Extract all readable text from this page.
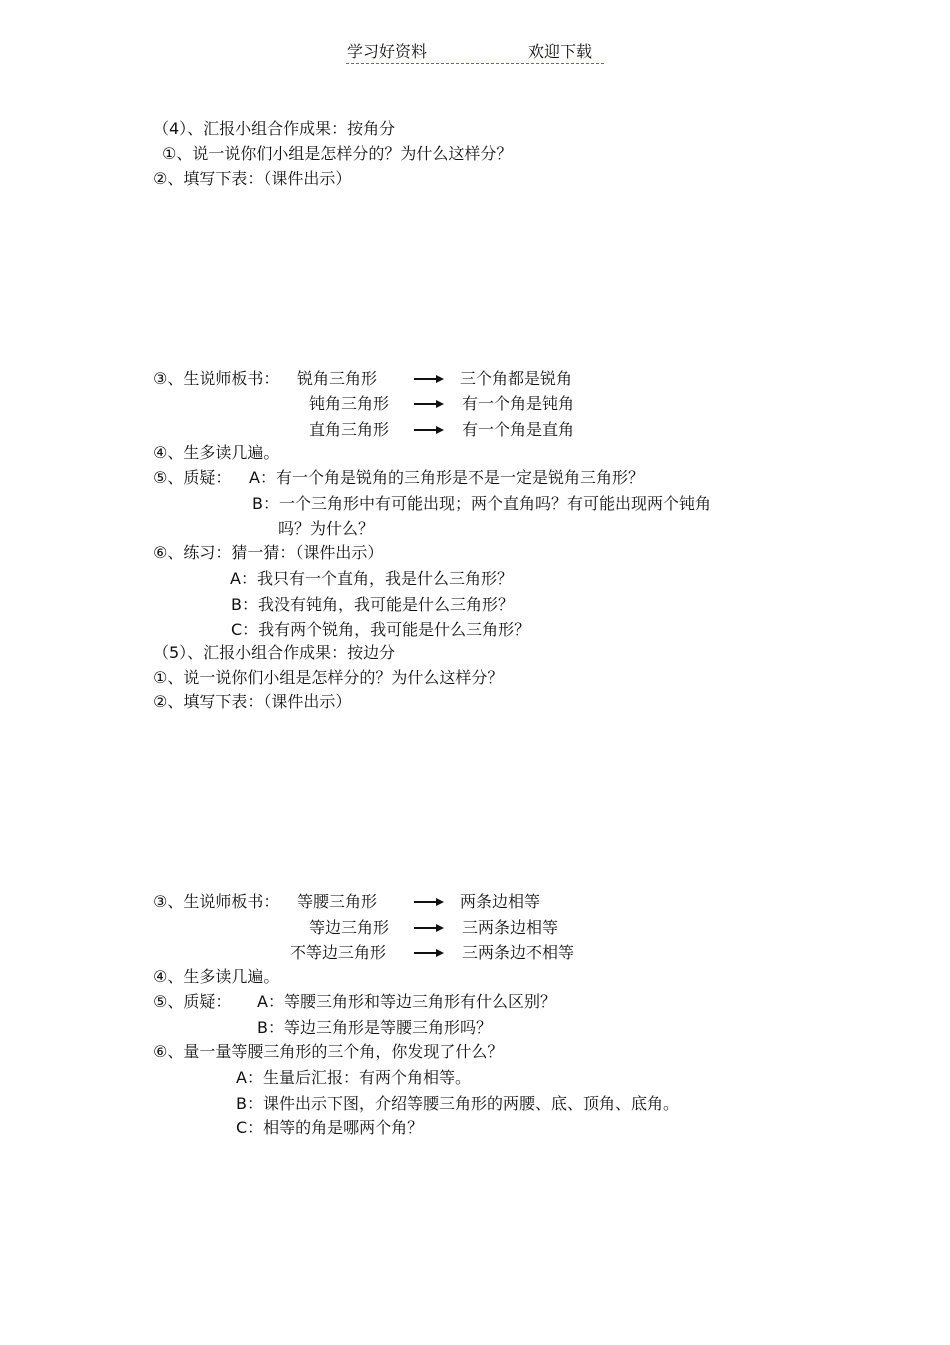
学习好资料	欢迎下载
（4）、汇报小组合作成果：按角分
①、说一说你们小组是怎样分的？为什么这样分？
②、填写下表：（课件出示）
③、生说师板书： 锐角三角形	三个角都是锐角
钝角三角形	有一个角是钝角
直角三角形	有一个角是直角
④、生多读几遍。
⑤、质疑： A：有一个角是锐角的三角形是不是一定是锐角三角形？
B：一个三角形中有可能出现；两个直角吗？有可能出现两个钝角
吗？为什么？
⑥、练习：猜一猜：（课件出示）
A：我只有一个直角，我是什么三角形？
B：我没有钝角，我可能是什么三角形？
C：我有两个锐角，我可能是什么三角形？
（5）、汇报小组合作成果：按边分
①、说一说你们小组是怎样分的？为什么这样分？
②、填写下表：（课件出示）
③、生说师板书： 等腰三角形	两条边相等
等边三角形	三两条边相等
不等边三角形	三两条边不相等
④、生多读几遍。
⑤、质疑： A：等腰三角形和等边三角形有什么区别？
B：等边三角形是等腰三角形吗？
⑥、量一量等腰三角形的三个角，你发现了什么？
A：生量后汇报：有两个角相等。
B：课件出示下图，介绍等腰三角形的两腰、底、顶角、底角。
C：相等的角是哪两个角？
